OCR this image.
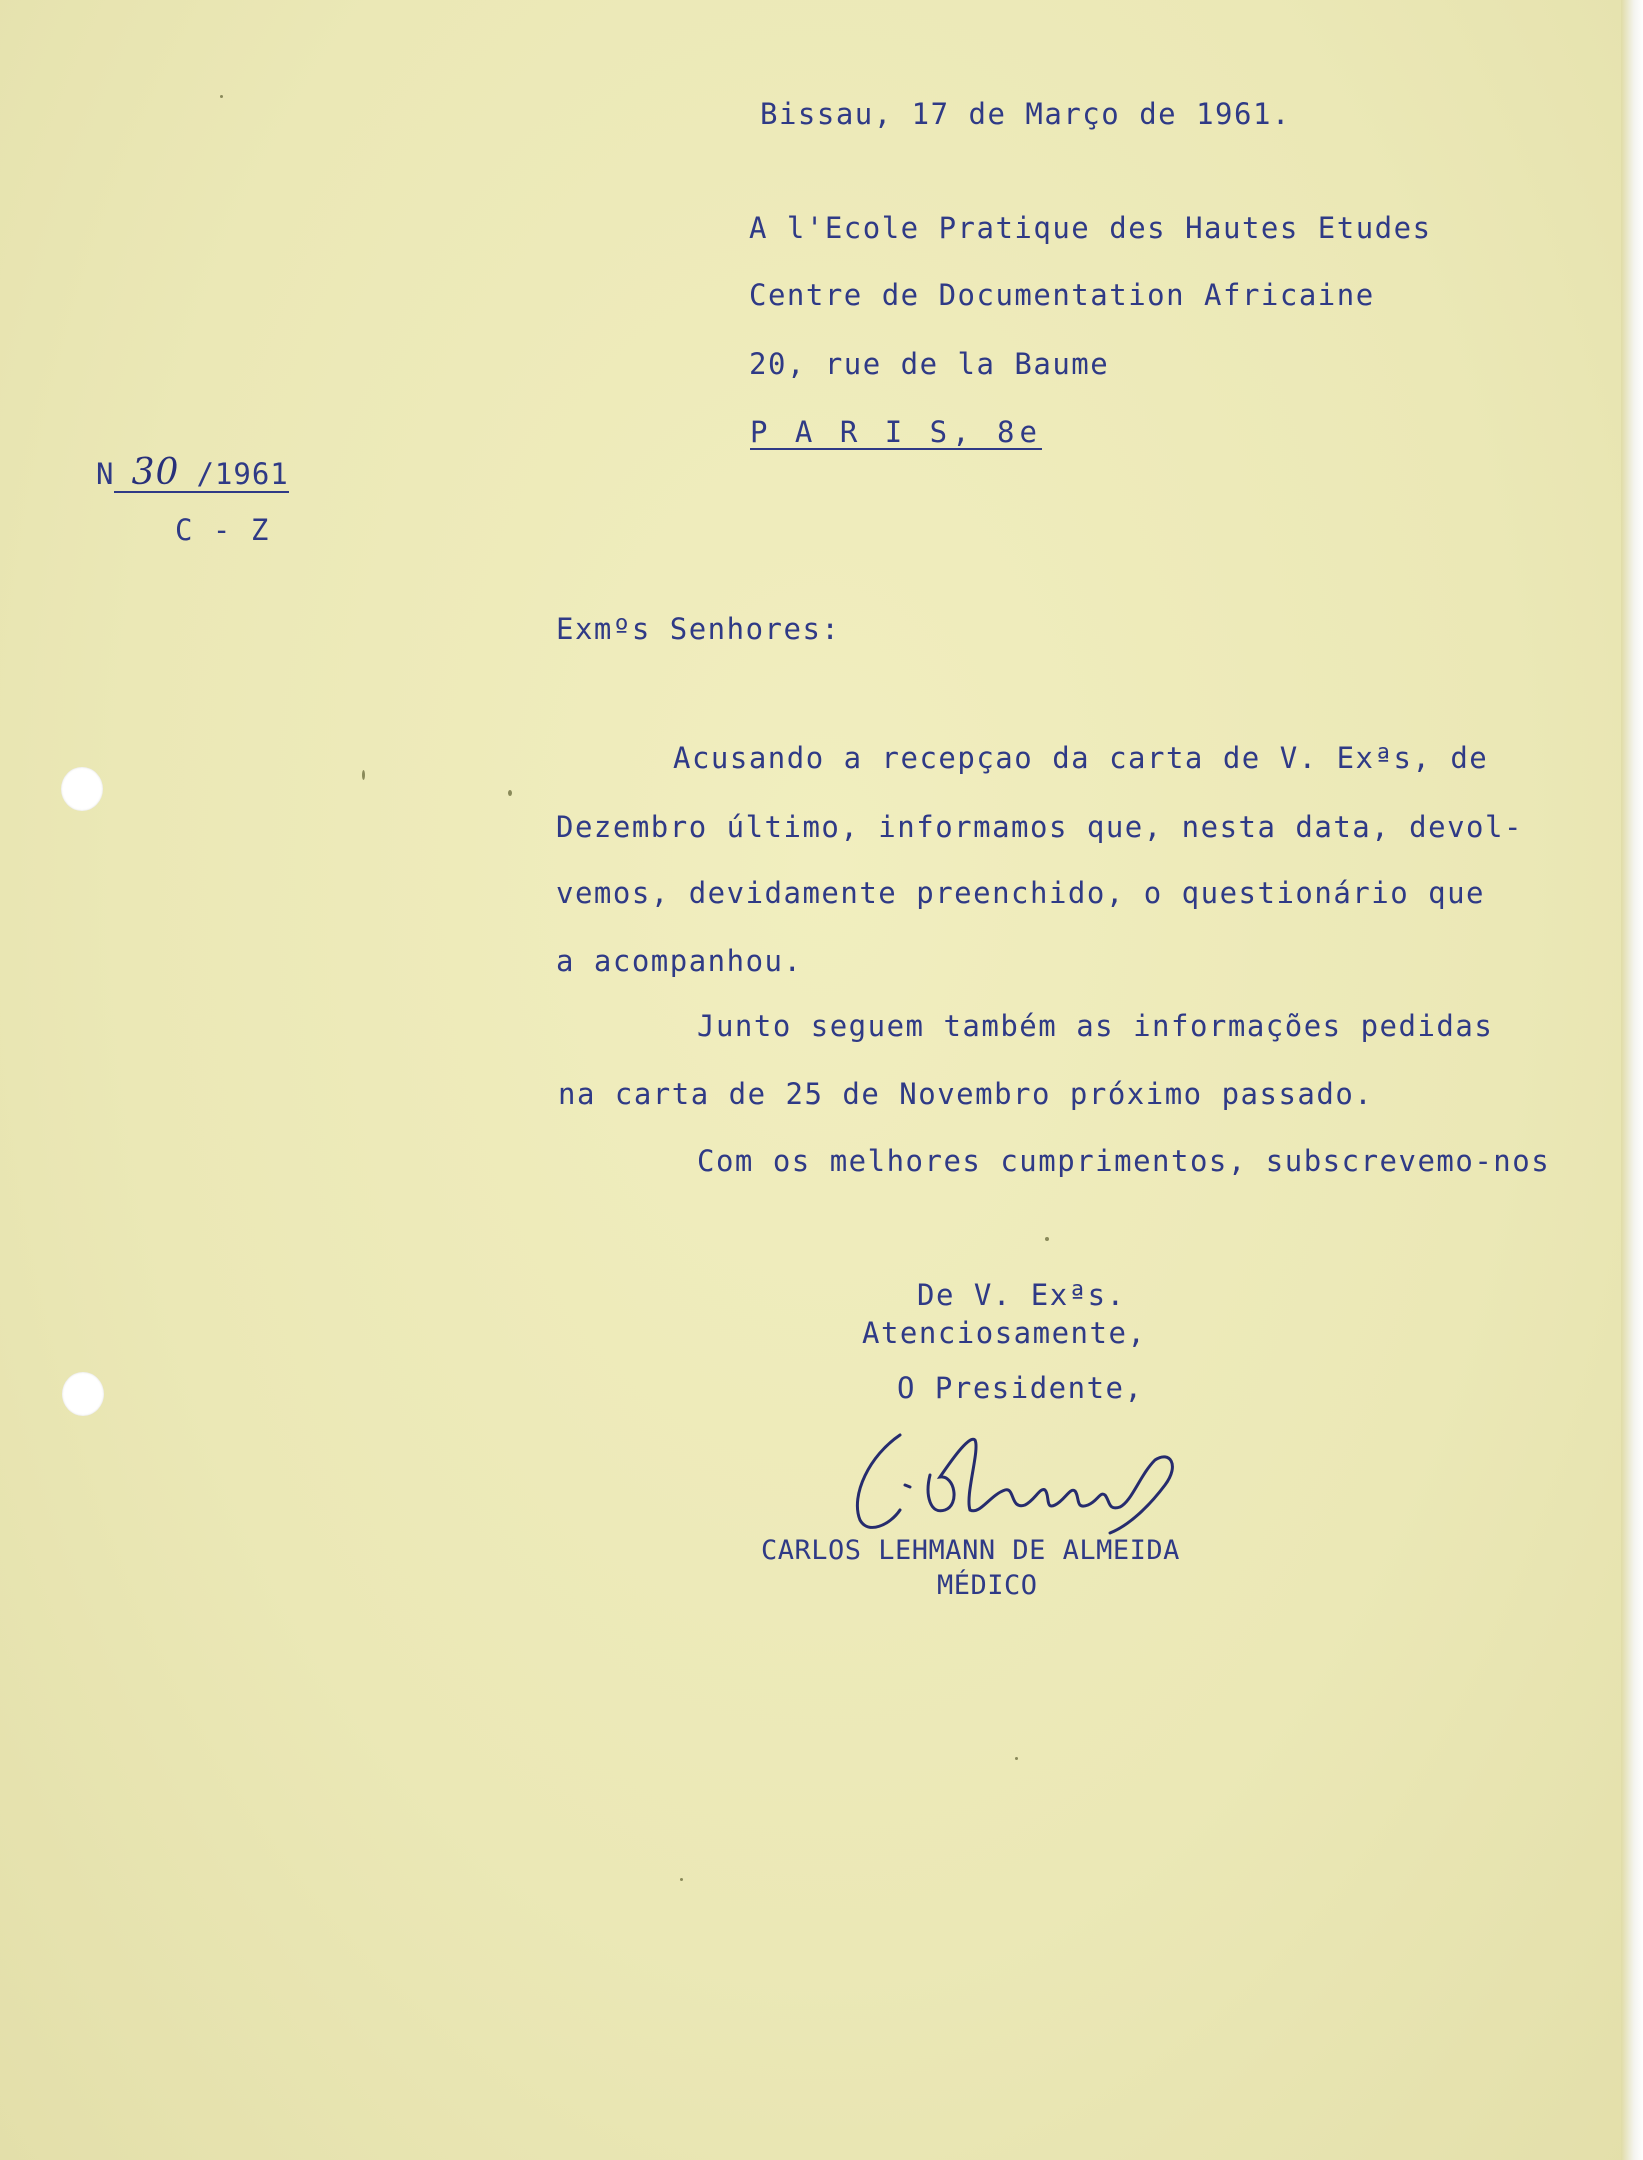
Bissau, 17 de Março de 1961.
A l'Ecole Pratique des Hautes Etudes
Centre de Documentation Africaine
20, rue de la Baume
P A R I S, 8e
N 30 /1961
C - Z
Exmºs Senhores:
Acusando a recepçao da carta de V. Exªs, de
Dezembro último, informamos que, nesta data, devol-
vemos, devidamente preenchido, o questionário que
a acompanhou.
Junto seguem também as informações pedidas
na carta de 25 de Novembro próximo passado.
Com os melhores cumprimentos, subscrevemo-nos
De V. Exªs.
Atenciosamente,
O Presidente,
CARLOS LEHMANN DE ALMEIDA
MÉDICO
